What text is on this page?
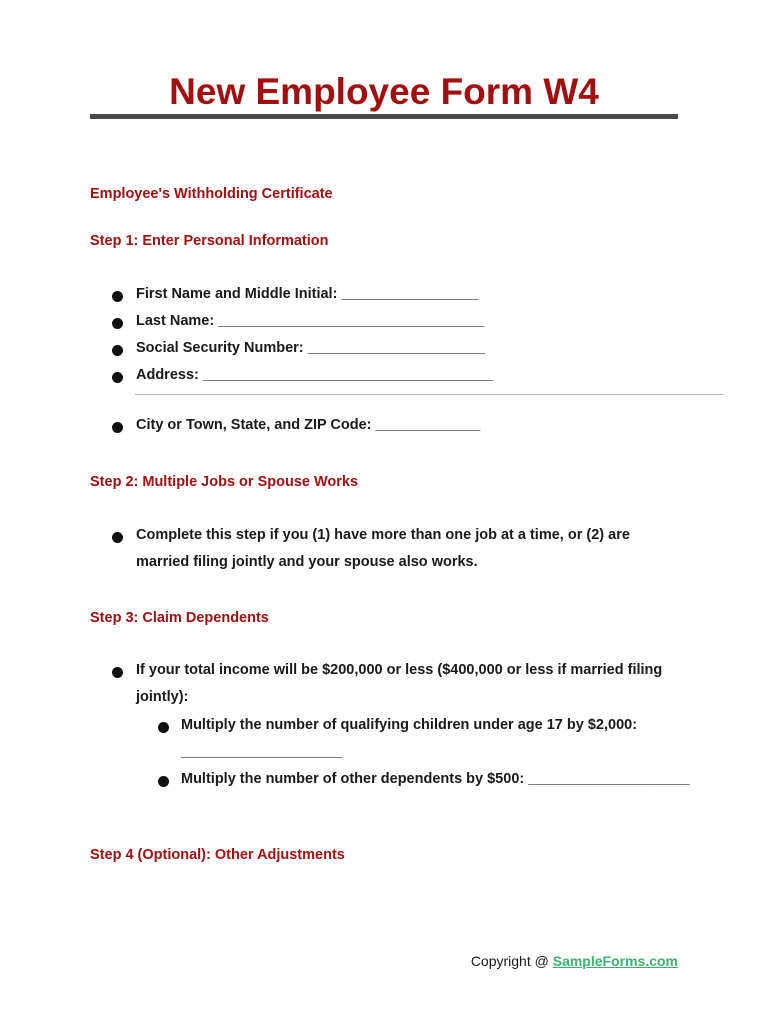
New Employee Form W4
Employee's Withholding Certificate
Step 1: Enter Personal Information
First Name and Middle Initial: _________________
Last Name: _________________________________
Social Security Number: ______________________
Address: ____________________________________
City or Town, State, and ZIP Code: _____________
Step 2: Multiple Jobs or Spouse Works
Complete this step if you (1) have more than one job at a time, or (2) are
married filing jointly and your spouse also works.
Step 3: Claim Dependents
If your total income will be $200,000 or less ($400,000 or less if married filing
jointly):
Multiply the number of qualifying children under age 17 by $2,000:
____________________
Multiply the number of other dependents by $500: ____________________
Step 4 (Optional): Other Adjustments
Copyright @ SampleForms.com
